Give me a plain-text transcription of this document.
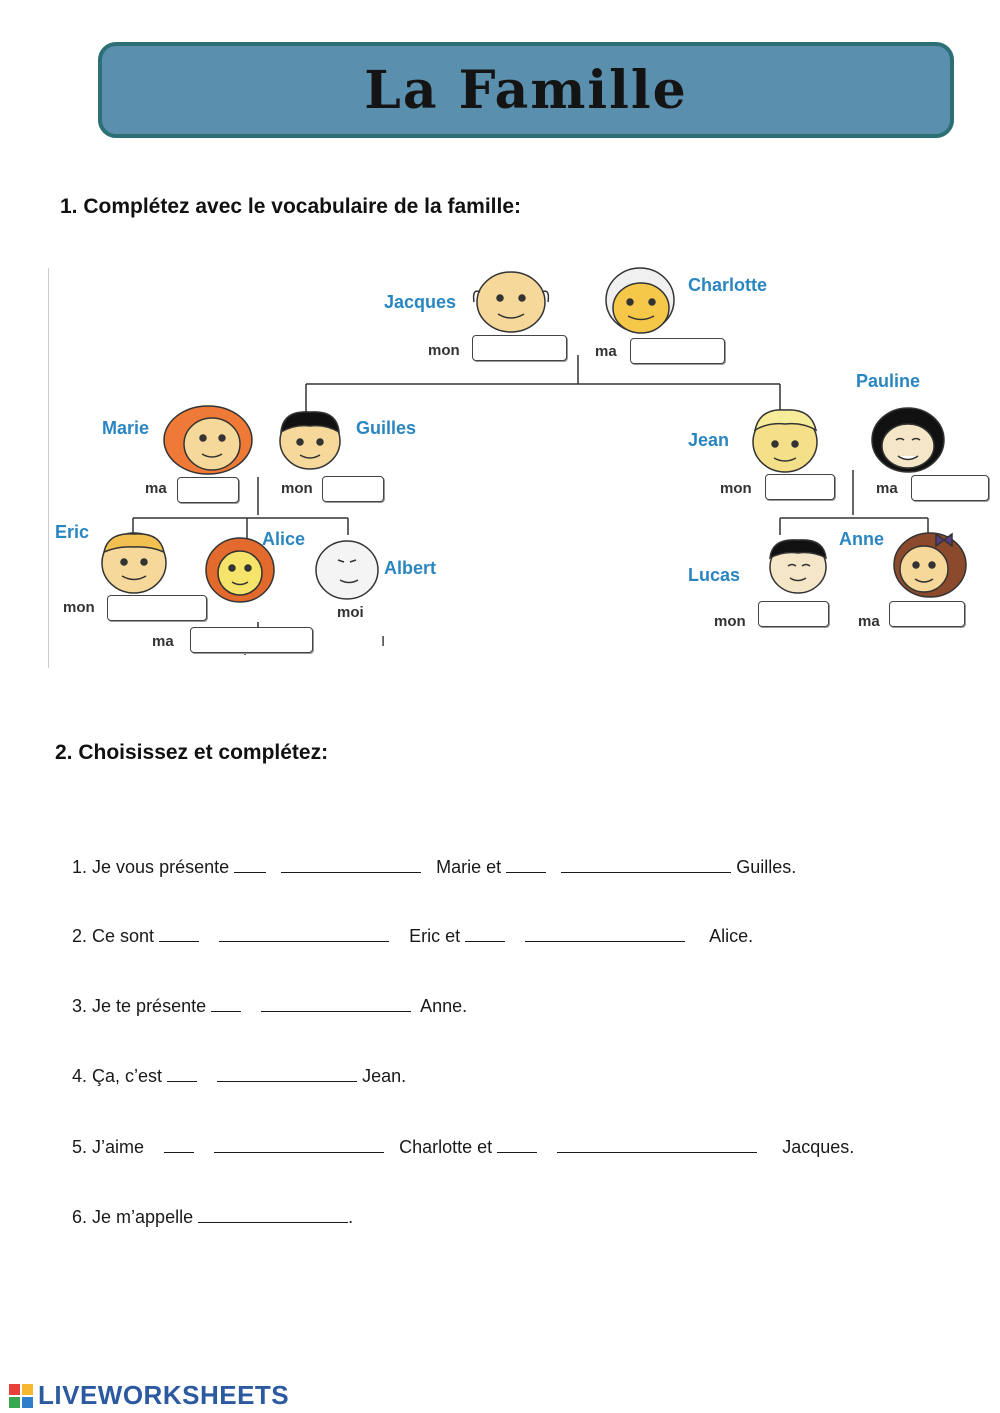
La Famille
1. Complétez avec le vocabulaire de la famille:
Jacques
Charlotte
Pauline
Marie	Guilles
Jean
Eric	Alice
Albert
Anne
Lucas
mon	ma
ma	mon	mon	ma
mon
ma
moi
I
mon	ma
2. Choisissez et complétez:

1. Je vous présente	Marie et	Guilles.

2. Ce sont	Eric et	Alice.

3. Je te présente	Anne.

4. Ça, c’est	Jean.

5. J’aime	Charlotte et	Jacques.

6. Je m’appelle	.

LIVEWORKSHEETS
